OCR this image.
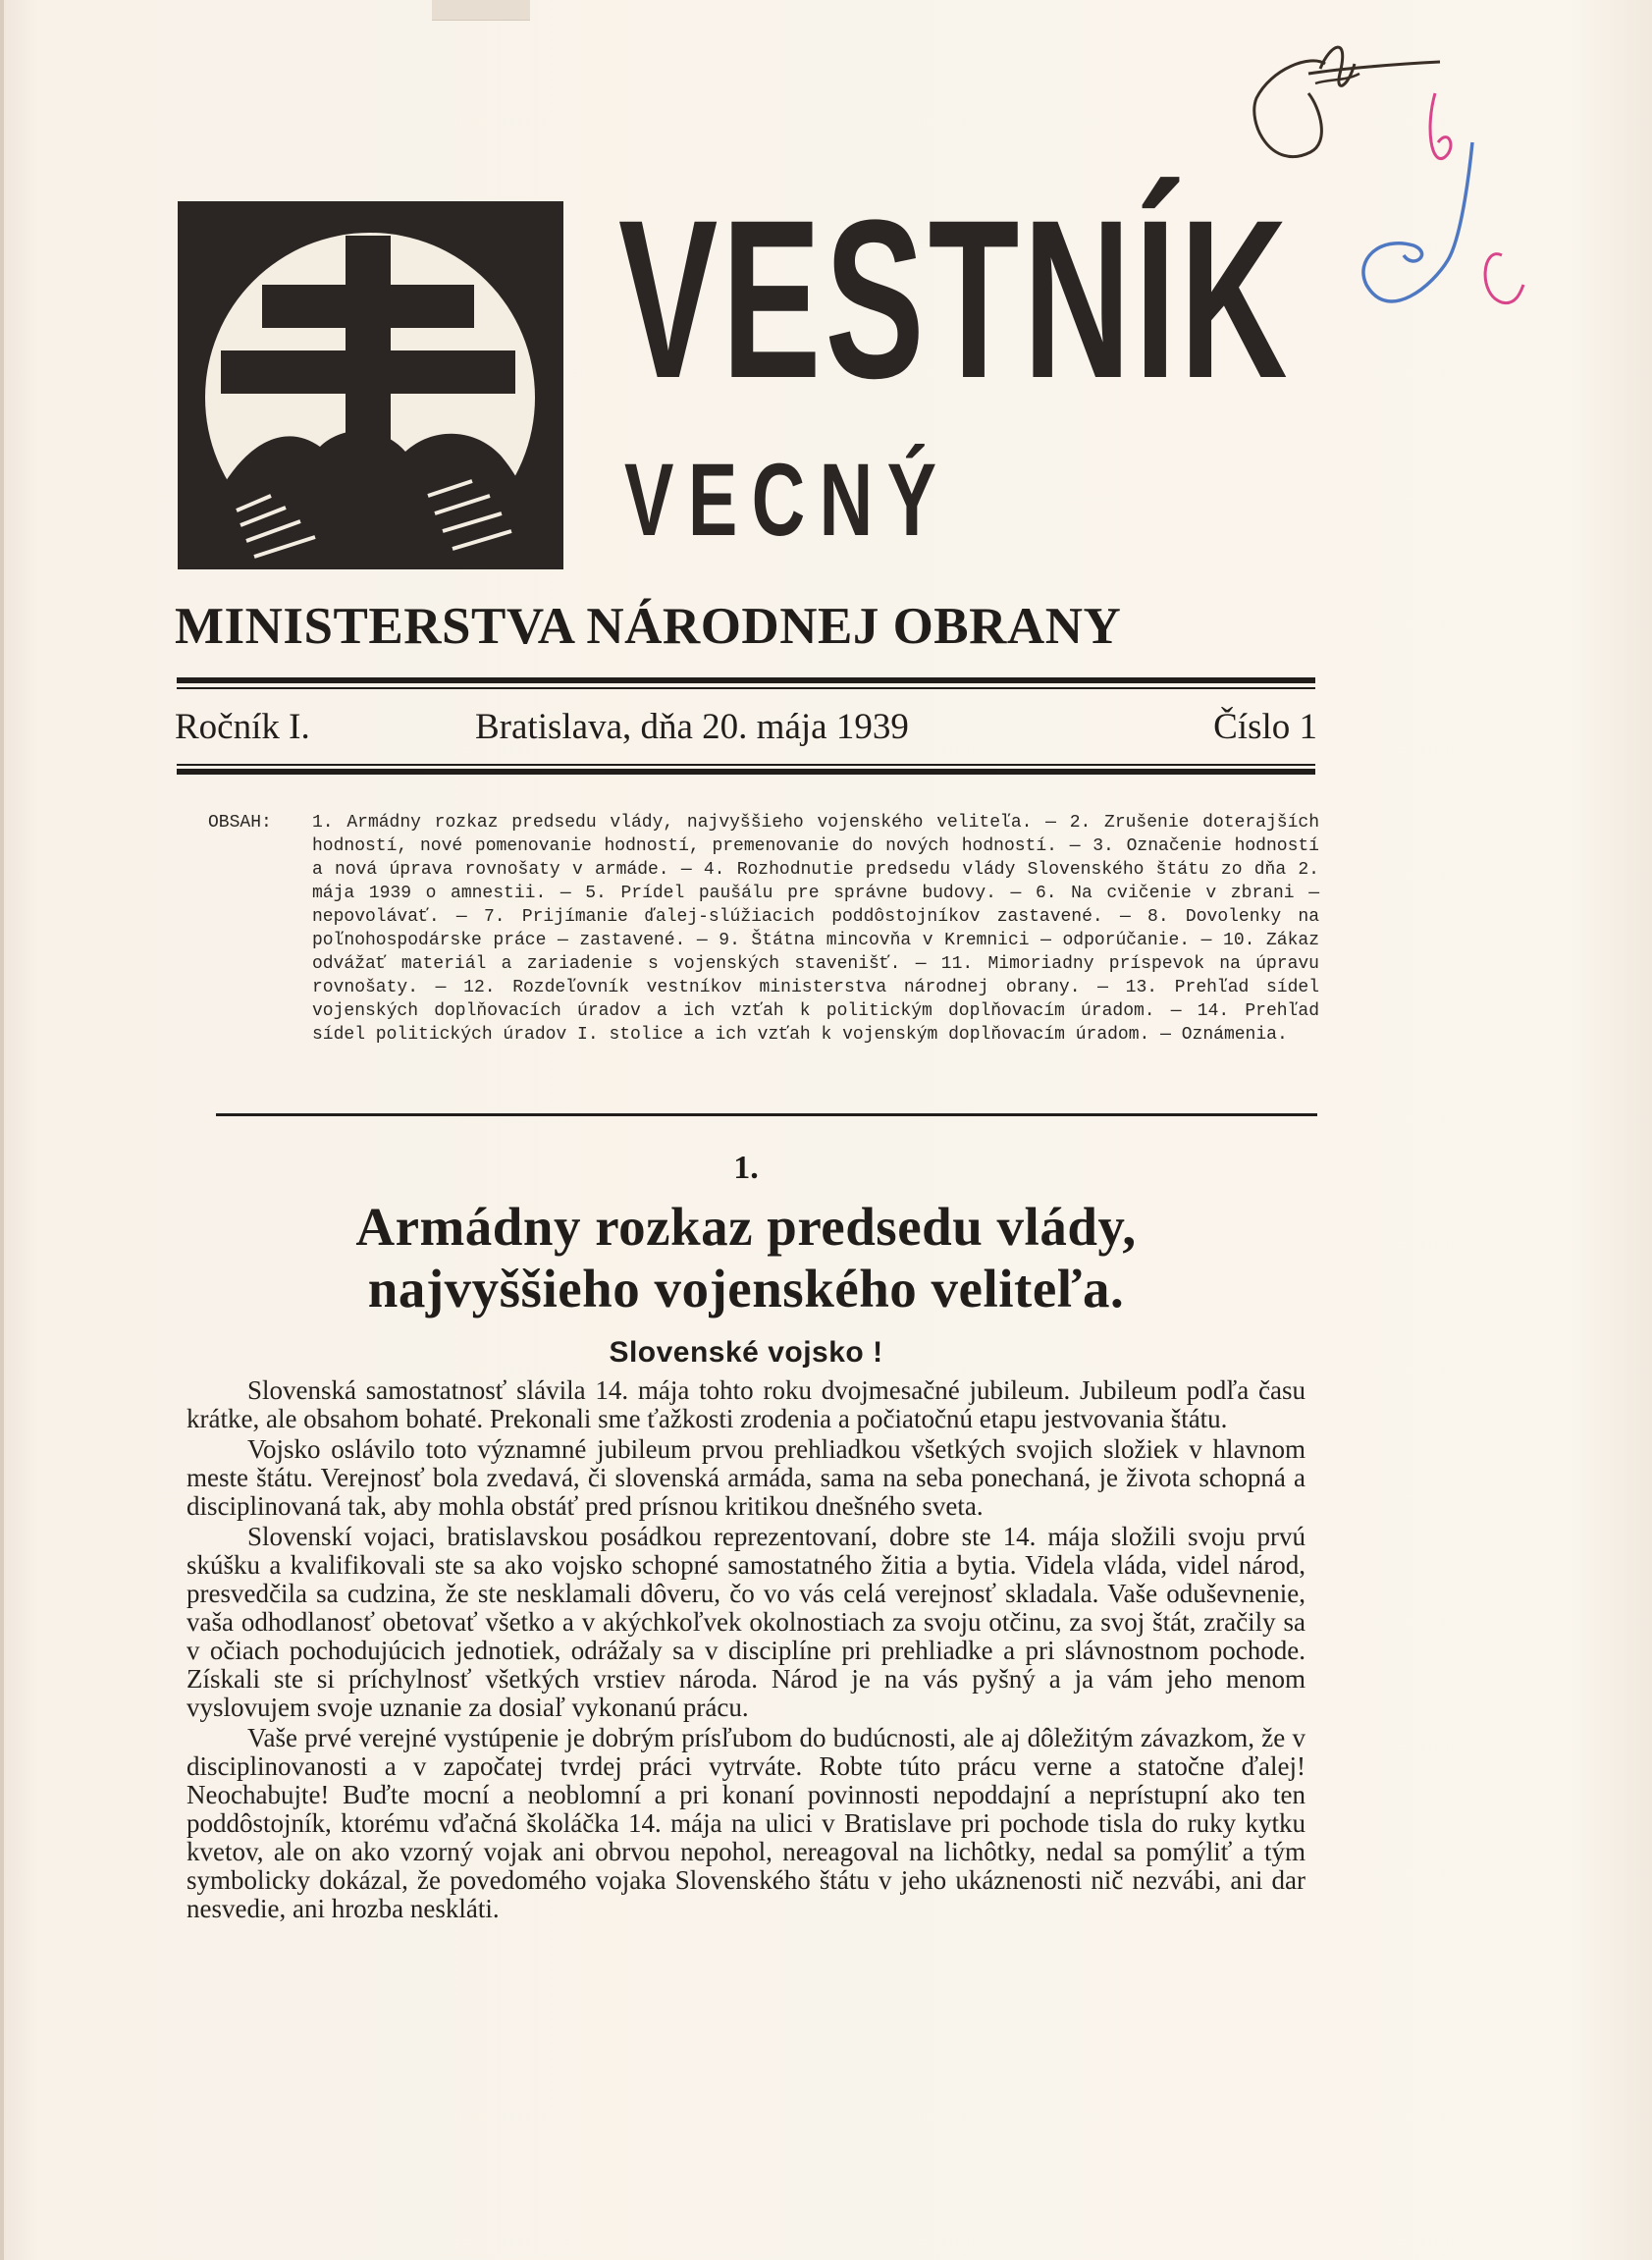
VESTNÍK
VECNÝ
MINISTERSTVA NÁRODNEJ OBRANY
Ročník I.	Bratislava, dňa 20. mája 1939	Číslo 1
OBSAH:	1. Armádny rozkaz predsedu vlády, najvyššieho vojenského veliteľa. — 2. Zrušenie doterajších hodností, nové pomenovanie hodností, premenovanie do nových hodností. — 3. Označenie hodností a nová úprava rovnošaty v armáde. — 4. Rozhodnutie predsedu vlády Slovenského štátu zo dňa 2. mája 1939 o amnestii. — 5. Prídel paušálu pre správne budovy. — 6. Na cvičenie v zbrani — nepovolávať. — 7. Prijímanie ďalej-slúžiacich poddôstojníkov zastavené. — 8. Dovolenky na poľnohospodárske práce — zastavené. — 9. Štátna mincovňa v Kremnici — odporúčanie. — 10. Zákaz odvážať materiál a zariadenie s vojenských stavenišť. — 11. Mimoriadny príspevok na úpravu rovnošaty. — 12. Rozdeľovník vestníkov ministerstva národnej obrany. — 13. Prehľad sídel vojenských doplňovacích úradov a ich vzťah k politickým doplňovacím úradom. — 14. Prehľad sídel politických úradov I. stolice a ich vzťah k vojenským doplňovacím úradom. — Oznámenia.
1.
Armádny rozkaz predsedu vlády, najvyššieho vojenského veliteľa.
Slovenské vojsko !

Slovenská samostatnosť slávila 14. mája tohto roku dvojmesačné jubileum. Jubileum podľa času krátke, ale obsahom bohaté. Prekonali sme ťažkosti zrodenia a počiatočnú etapu jestvovania štátu.

Vojsko oslávilo toto významné jubileum prvou prehliadkou všetkých svojich složiek v hlavnom meste štátu. Verejnosť bola zvedavá, či slovenská armáda, sama na seba ponechaná, je života schopná a disciplinovaná tak, aby mohla obstáť pred prísnou kritikou dnešného sveta.

Slovenskí vojaci, bratislavskou posádkou reprezentovaní, dobre ste 14. mája složili svoju prvú skúšku a kvalifikovali ste sa ako vojsko schopné samostatného žitia a bytia. Videla vláda, videl národ, presvedčila sa cudzina, že ste nesklamali dôveru, čo vo vás celá verejnosť skladala. Vaše oduševnenie, vaša odhodlanosť obetovať všetko a v akýchkoľvek okolnostiach za svoju otčinu, za svoj štát, zračily sa v očiach pochodujúcich jednotiek, odrážaly sa v disciplíne pri prehliadke a pri slávnostnom pochode. Získali ste si príchylnosť všetkých vrstiev národa. Národ je na vás pyšný a ja vám jeho menom vyslovujem svoje uznanie za dosiaľ vykonanú prácu.

Vaše prvé verejné vystúpenie je dobrým prísľubom do budúcnosti, ale aj dôležitým závazkom, že v disciplinovanosti a v započatej tvrdej práci vytrváte. Robte túto prácu verne a statočne ďalej! Neochabujte! Buďte mocní a neoblomní a pri konaní povinnosti nepoddajní a neprístupní ako ten poddôstojník, ktorému vďačná školáčka 14. mája na ulici v Bratislave pri pochode tisla do ruky kytku kvetov, ale on ako vzorný vojak ani obrvou nepohol, nereagoval na lichôtky, nedal sa pomýliť a tým symbolicky dokázal, že povedomého vojaka Slovenského štátu v jeho ukáznenosti nič nezvábi, ani dar nesvedie, ani hrozba neskláti.
